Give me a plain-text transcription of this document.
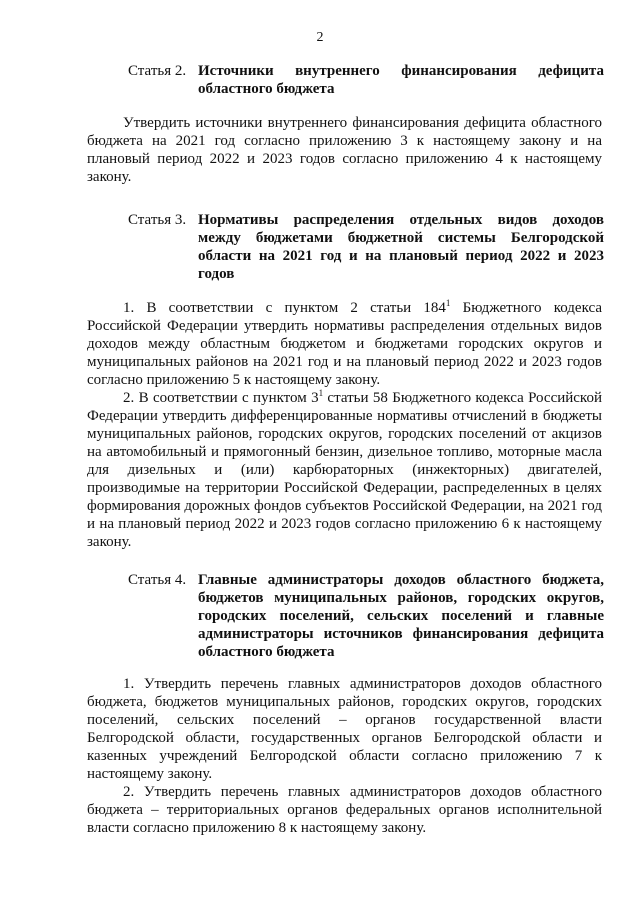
2
Статья 2. Источники внутреннего финансирования дефицита областного бюджета

Утвердить источники внутреннего финансирования дефицита областного бюджета на 2021 год согласно приложению 3 к настоящему закону и на плановый период 2022 и 2023 годов согласно приложению 4 к настоящему закону.

Статья 3. Нормативы распределения отдельных видов доходов между бюджетами бюджетной системы Белгородской области на 2021 год и на плановый период 2022 и 2023 годов

1. В соответствии с пунктом 2 статьи $184^1$ Бюджетного кодекса Российской Федерации утвердить нормативы распределения отдельных видов доходов между областным бюджетом и бюджетами городских округов и муниципальных районов на 2021 год и на плановый период 2022 и 2023 годов согласно приложению 5 к настоящему закону.

2. В соответствии с пунктом $3^1$ статьи 58 Бюджетного кодекса Российской Федерации утвердить дифференцированные нормативы отчислений в бюджеты муниципальных районов, городских округов, городских поселений от акцизов на автомобильный и прямогонный бензин, дизельное топливо, моторные масла для дизельных и (или) карбюраторных (инжекторных) двигателей, производимые на территории Российской Федерации, распределенных в целях формирования дорожных фондов субъектов Российской Федерации, на 2021 год и на плановый период 2022 и 2023 годов согласно приложению 6 к настоящему закону.

Статья 4. Главные администраторы доходов областного бюджета, бюджетов муниципальных районов, городских округов, городских поселений, сельских поселений и главные администраторы источников финансирования дефицита областного бюджета

1. Утвердить перечень главных администраторов доходов областного бюджета, бюджетов муниципальных районов, городских округов, городских поселений, сельских поселений – органов государственной власти Белгородской области, государственных органов Белгородской области и казенных учреждений Белгородской области согласно приложению 7 к настоящему закону.

2. Утвердить перечень главных администраторов доходов областного бюджета – территориальных органов федеральных органов исполнительной власти согласно приложению 8 к настоящему закону.
